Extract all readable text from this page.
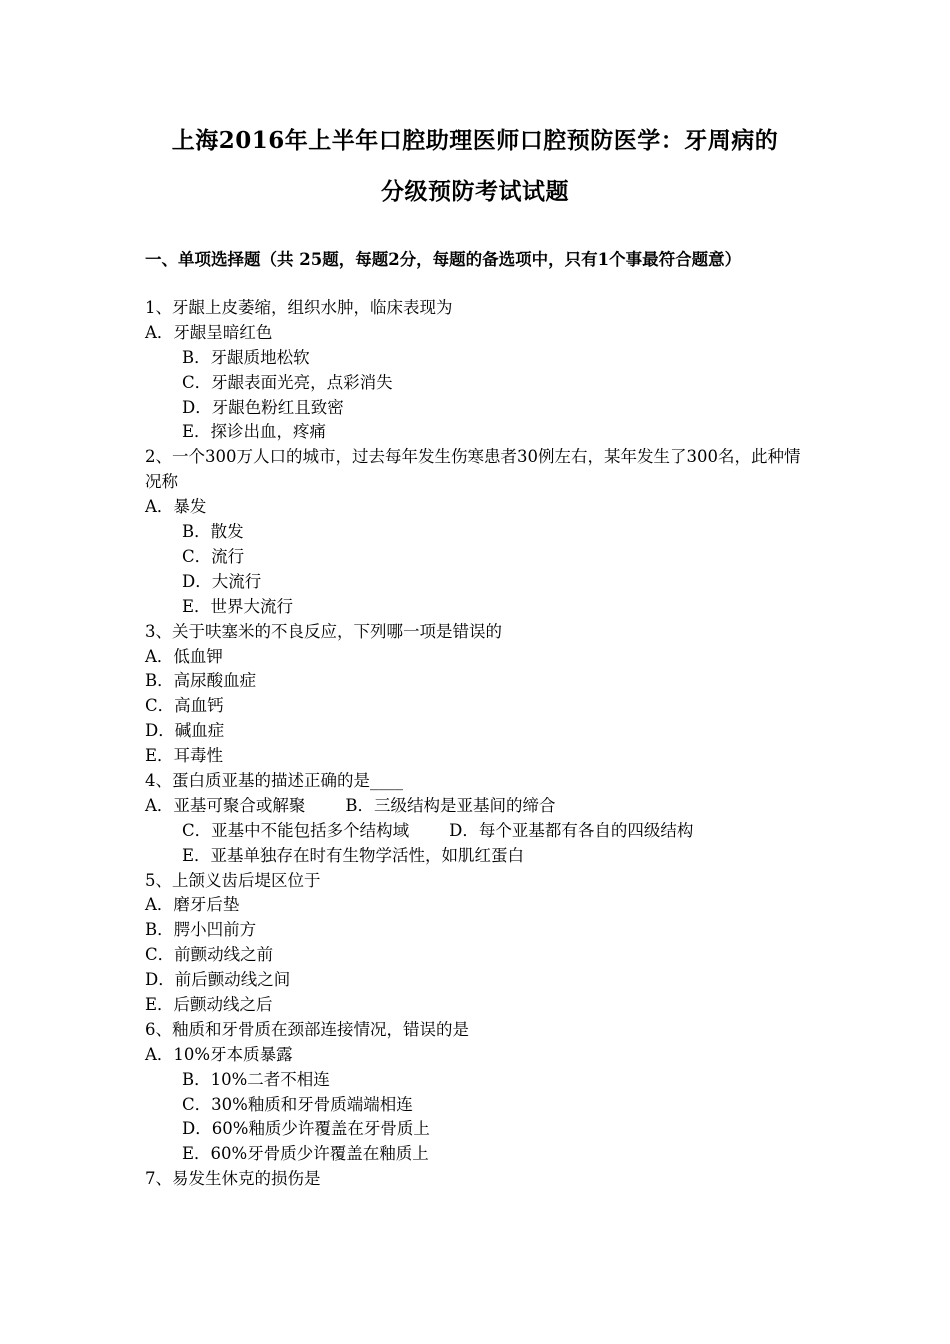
上海2016年上半年口腔助理医师口腔预防医学：牙周病的
分级预防考试试题
一、单项选择题（共 25题，每题2分，每题的备选项中，只有1个事最符合题意）
1、牙龈上皮萎缩，组织水肿，临床表现为
A．牙龈呈暗红色
B．牙龈质地松软
C．牙龈表面光亮，点彩消失
D．牙龈色粉红且致密
E．探诊出血，疼痛
2、一个300万人口的城市，过去每年发生伤寒患者30例左右，某年发生了300名，此种情况称
A．暴发
B．散发
C．流行
D．大流行
E．世界大流行
3、关于呋塞米的不良反应，下列哪一项是错误的
A．低血钾
B．高尿酸血症
C．高血钙
D．碱血症
E．耳毒性
4、蛋白质亚基的描述正确的是____
A．亚基可聚合或解聚 B．三级结构是亚基间的缔合
C．亚基中不能包括多个结构域 D．每个亚基都有各自的四级结构
E．亚基单独存在时有生物学活性，如肌红蛋白
5、上颌义齿后堤区位于
A．磨牙后垫
B．腭小凹前方
C．前颤动线之前
D．前后颤动线之间
E．后颤动线之后
6、釉质和牙骨质在颈部连接情况，错误的是
A．10%牙本质暴露
B．10%二者不相连
C．30%釉质和牙骨质端端相连
D．60%釉质少许覆盖在牙骨质上
E．60%牙骨质少许覆盖在釉质上
7、易发生休克的损伤是
